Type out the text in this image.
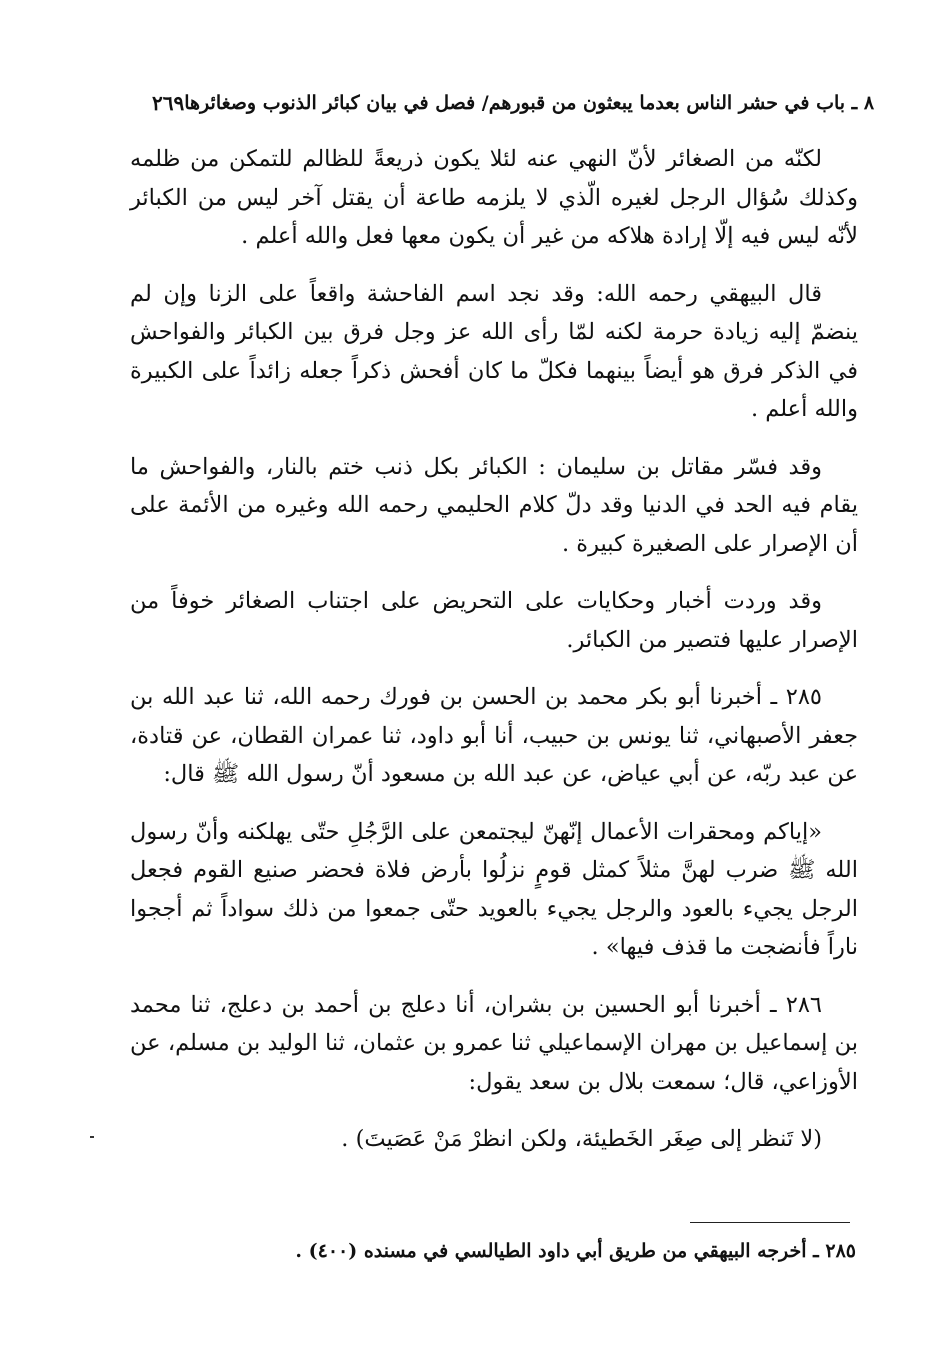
٨ ـ باب في حشر الناس بعدما يبعثون من قبورهم/ فصل في بيان كبائر الذنوب وصغائرها
٢٦٩

لكنّه من الصغائر لأنّ النهي عنه لئلا يكون ذريعةً للظالم للتمكن من ظلمه وكذلك سُؤال الرجل لغيره الّذي لا يلزمه طاعة أن يقتل آخر ليس من الكبائر لأنّه ليس فيه إلّا إرادة هلاكه من غير أن يكون معها فعل والله أعلم .

قال البيهقي رحمه الله: وقد نجد اسم الفاحشة واقعاً على الزنا وإن لم ينضمّ إليه زيادة حرمة لكنه لمّا رأى الله عز وجل فرق بين الكبائر والفواحش في الذكر فرق هو أيضاً بينهما فكلّ ما كان أفحش ذكراً جعله زائداً على الكبيرة والله أعلم .

وقد فسّر مقاتل بن سليمان : الكبائر بكل ذنب ختم بالنار، والفواحش ما يقام فيه الحد في الدنيا وقد دلّ كلام الحليمي رحمه الله وغيره من الأئمة على أن الإصرار على الصغيرة كبيرة .

وقد وردت أخبار وحكايات على التحريض على اجتناب الصغائر خوفاً من الإصرار عليها فتصير من الكبائر.

٢٨٥ ـ أخبرنا أبو بكر محمد بن الحسن بن فورك رحمه الله، ثنا عبد الله بن جعفر الأصبهاني، ثنا يونس بن حبيب، أنا أبو داود، ثنا عمران القطان، عن قتادة، عن عبد ربّه، عن أبي عياض، عن عبد الله بن مسعود أنّ رسول الله ﷺ قال:

«إياكم ومحقرات الأعمال إنّهنّ ليجتمعن على الرَّجُلِ حتّى يهلكنه وأنّ رسول الله ﷺ ضرب لهنَّ مثلاً كمثل قومٍ نزلُوا بأرض فلاة فحضر صنيع القوم فجعل الرجل يجيء بالعود والرجل يجيء بالعويد حتّى جمعوا من ذلك سواداً ثم أججوا ناراً فأنضجت ما قذف فيها» .

٢٨٦ ـ أخبرنا أبو الحسين بن بشران، أنا دعلج بن أحمد بن دعلج، ثنا محمد بن إسماعيل بن مهران الإسماعيلي ثنا عمرو بن عثمان، ثنا الوليد بن مسلم، عن الأوزاعي، قال؛ سمعت بلال بن سعد يقول:

(لا تَنظر إلى صِغَر الخَطيئة، ولكن انظرْ مَنْ عَصَيتَ) .

٢٨٥ ـ أخرجه البيهقي من طريق أبي داود الطيالسي في مسنده (٤٠٠) .
